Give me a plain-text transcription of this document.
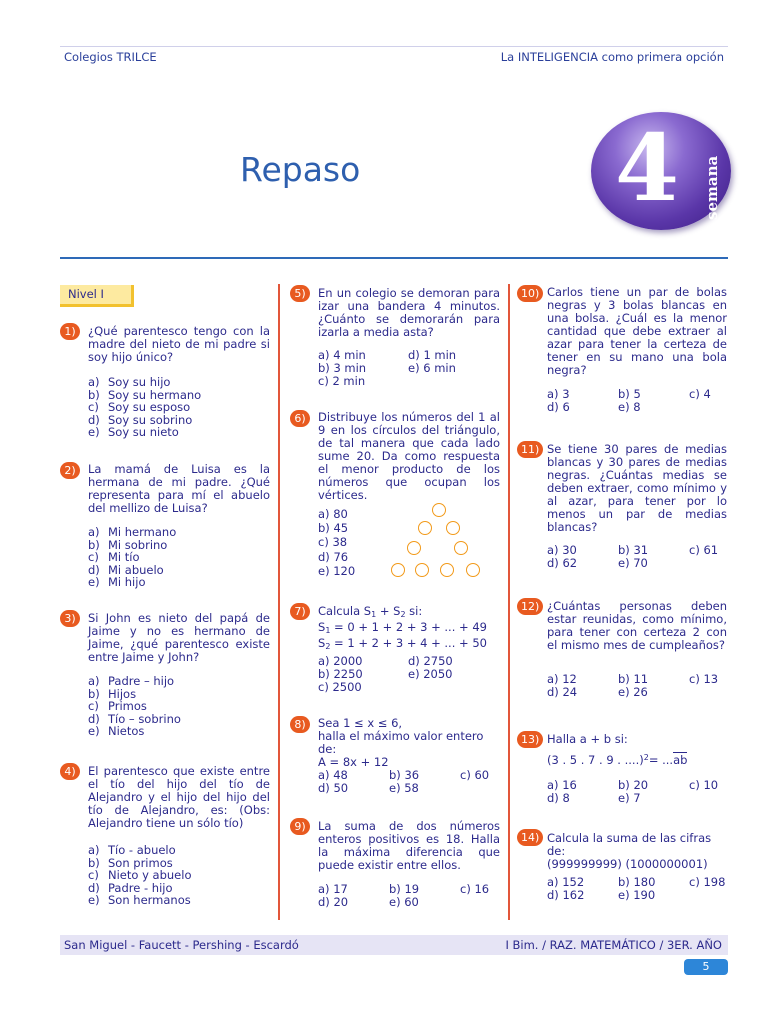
Colegios TRILCE	La INTELIGENCIA como primera opción
Repaso	4 semana
Nivel I
1)	¿Qué parentesco tengo con la madre del nieto de mi padre si soy hijo único?
a) Soy su hijo
b) Soy su hermano
c) Soy su esposo
d) Soy su sobrino
e) Soy su nieto
2)	La mamá de Luisa es la hermana de mi padre. ¿Qué representa para mí el abuelo del mellizo de Luisa?
a) Mi hermano
b) Mi sobrino
c) Mi tío
d) Mi abuelo
e) Mi hijo
3)	Si John es nieto del papá de Jaime y no es hermano de Jaime, ¿qué parentesco existe entre Jaime y John?
a) Padre – hijo
b) Hijos
c) Primos
d) Tío – sobrino
e) Nietos
4)	El parentesco que existe entre el tío del hijo del tío de Alejandro y el hijo del hijo del tío de Alejandro, es: (Obs: Alejandro tiene un sólo tío)
a) Tío - abuelo
b) Son primos
c) Nieto y abuelo
d) Padre - hijo
e) Son hermanos
5)	En un colegio se demoran para izar una bandera 4 minutos. ¿Cuánto se demorarán para izarla a media asta?
a) 4 min	d) 1 min
b) 3 min	e) 6 min
c) 2 min
6)	Distribuye los números del 1 al 9 en los círculos del triángulo, de tal manera que cada lado sume 20. Da como respuesta el menor producto de los números que ocupan los vértices.
a) 80
b) 45
c) 38
d) 76
e) 120
7)	Calcula $S_1 + S_2$ si:
$S_1 = 0 + 1 + 2 + 3$ + ... + 49
$S_2 = 1 + 2 + 3 + 4$ + ... + 50
a) 2000	d) 2750
b) 2250	e) 2050
c) 2500
8)	Sea 1 ≤ x ≤ 6,
halla el máximo valor entero de:
A = 8x + 12
a) 48	b) 36	c) 60
d) 50	e) 58
9)	La suma de dos números enteros positivos es 18. Halla la máxima diferencia que puede existir entre ellos.
a) 17	b) 19	c) 16
d) 20	e) 60
10) Carlos tiene un par de bolas negras y 3 bolas blancas en una bolsa. ¿Cuál es la menor cantidad que debe extraer al azar para tener la certeza de tener en su mano una bola negra?
a) 3	b) 5	c) 4
d) 6	e) 8
11) Se tiene 30 pares de medias blancas y 30 pares de medias negras. ¿Cuántas medias se deben extraer, como mínimo y al azar, para tener por lo menos un par de medias blancas?
a) 30	b) 31	c) 61
d) 62	e) 70
12) ¿Cuántas personas deben estar reunidas, como mínimo, para tener con certeza 2 con el mismo mes de cumpleaños?
a) 12	b) 11	c) 13
d) 24	e) 26
13) Halla a + b si:
(3 . 5 . 7 . 9 . ....)$^2$= ...ab
a) 16	b) 20	c) 10
d) 8	e) 7
14) Calcula la suma de las cifras de:
(999999999) (1000000001)
a) 152	b) 180	c) 198
d) 162	e) 190
San Miguel - Faucett - Pershing - Escardó	I Bim. / RAZ. MATEMÁTICO / 3ER. AÑO
5
